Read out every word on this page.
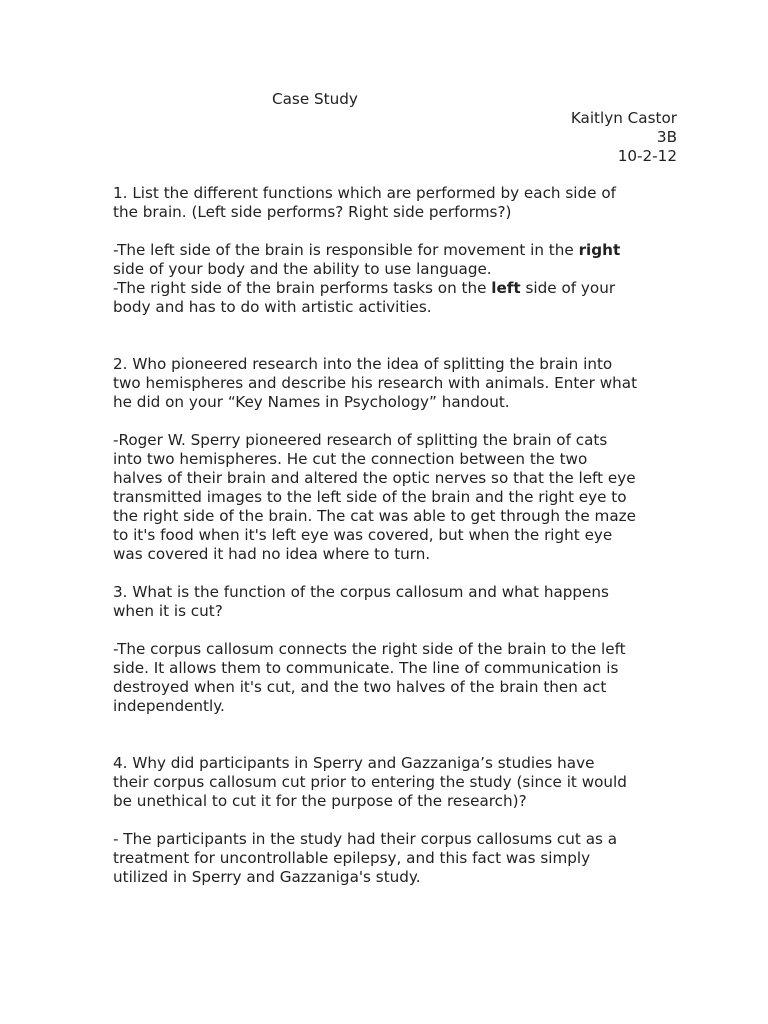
Case Study
Kaitlyn Castor
3B
10-2-12

1. List the different functions which are performed by each side of

the brain. (Left side performs? Right side performs?)

-The left side of the brain is responsible for movement in the right

side of your body and the ability to use language.

-The right side of the brain performs tasks on the left side of your

body and has to do with artistic activities.

2. Who pioneered research into the idea of splitting the brain into

two hemispheres and describe his research with animals. Enter what

he did on your “Key Names in Psychology” handout.

-Roger W. Sperry pioneered research of splitting the brain of cats

into two hemispheres. He cut the connection between the two

halves of their brain and altered the optic nerves so that the left eye

transmitted images to the left side of the brain and the right eye to

the right side of the brain. The cat was able to get through the maze

to it's food when it's left eye was covered, but when the right eye

was covered it had no idea where to turn.

3. What is the function of the corpus callosum and what happens

when it is cut?

-The corpus callosum connects the right side of the brain to the left

side. It allows them to communicate. The line of communication is

destroyed when it's cut, and the two halves of the brain then act

independently.

4. Why did participants in Sperry and Gazzaniga’s studies have

their corpus callosum cut prior to entering the study (since it would

be unethical to cut it for the purpose of the research)?

- The participants in the study had their corpus callosums cut as a

treatment for uncontrollable epilepsy, and this fact was simply

utilized in Sperry and Gazzaniga's study.
